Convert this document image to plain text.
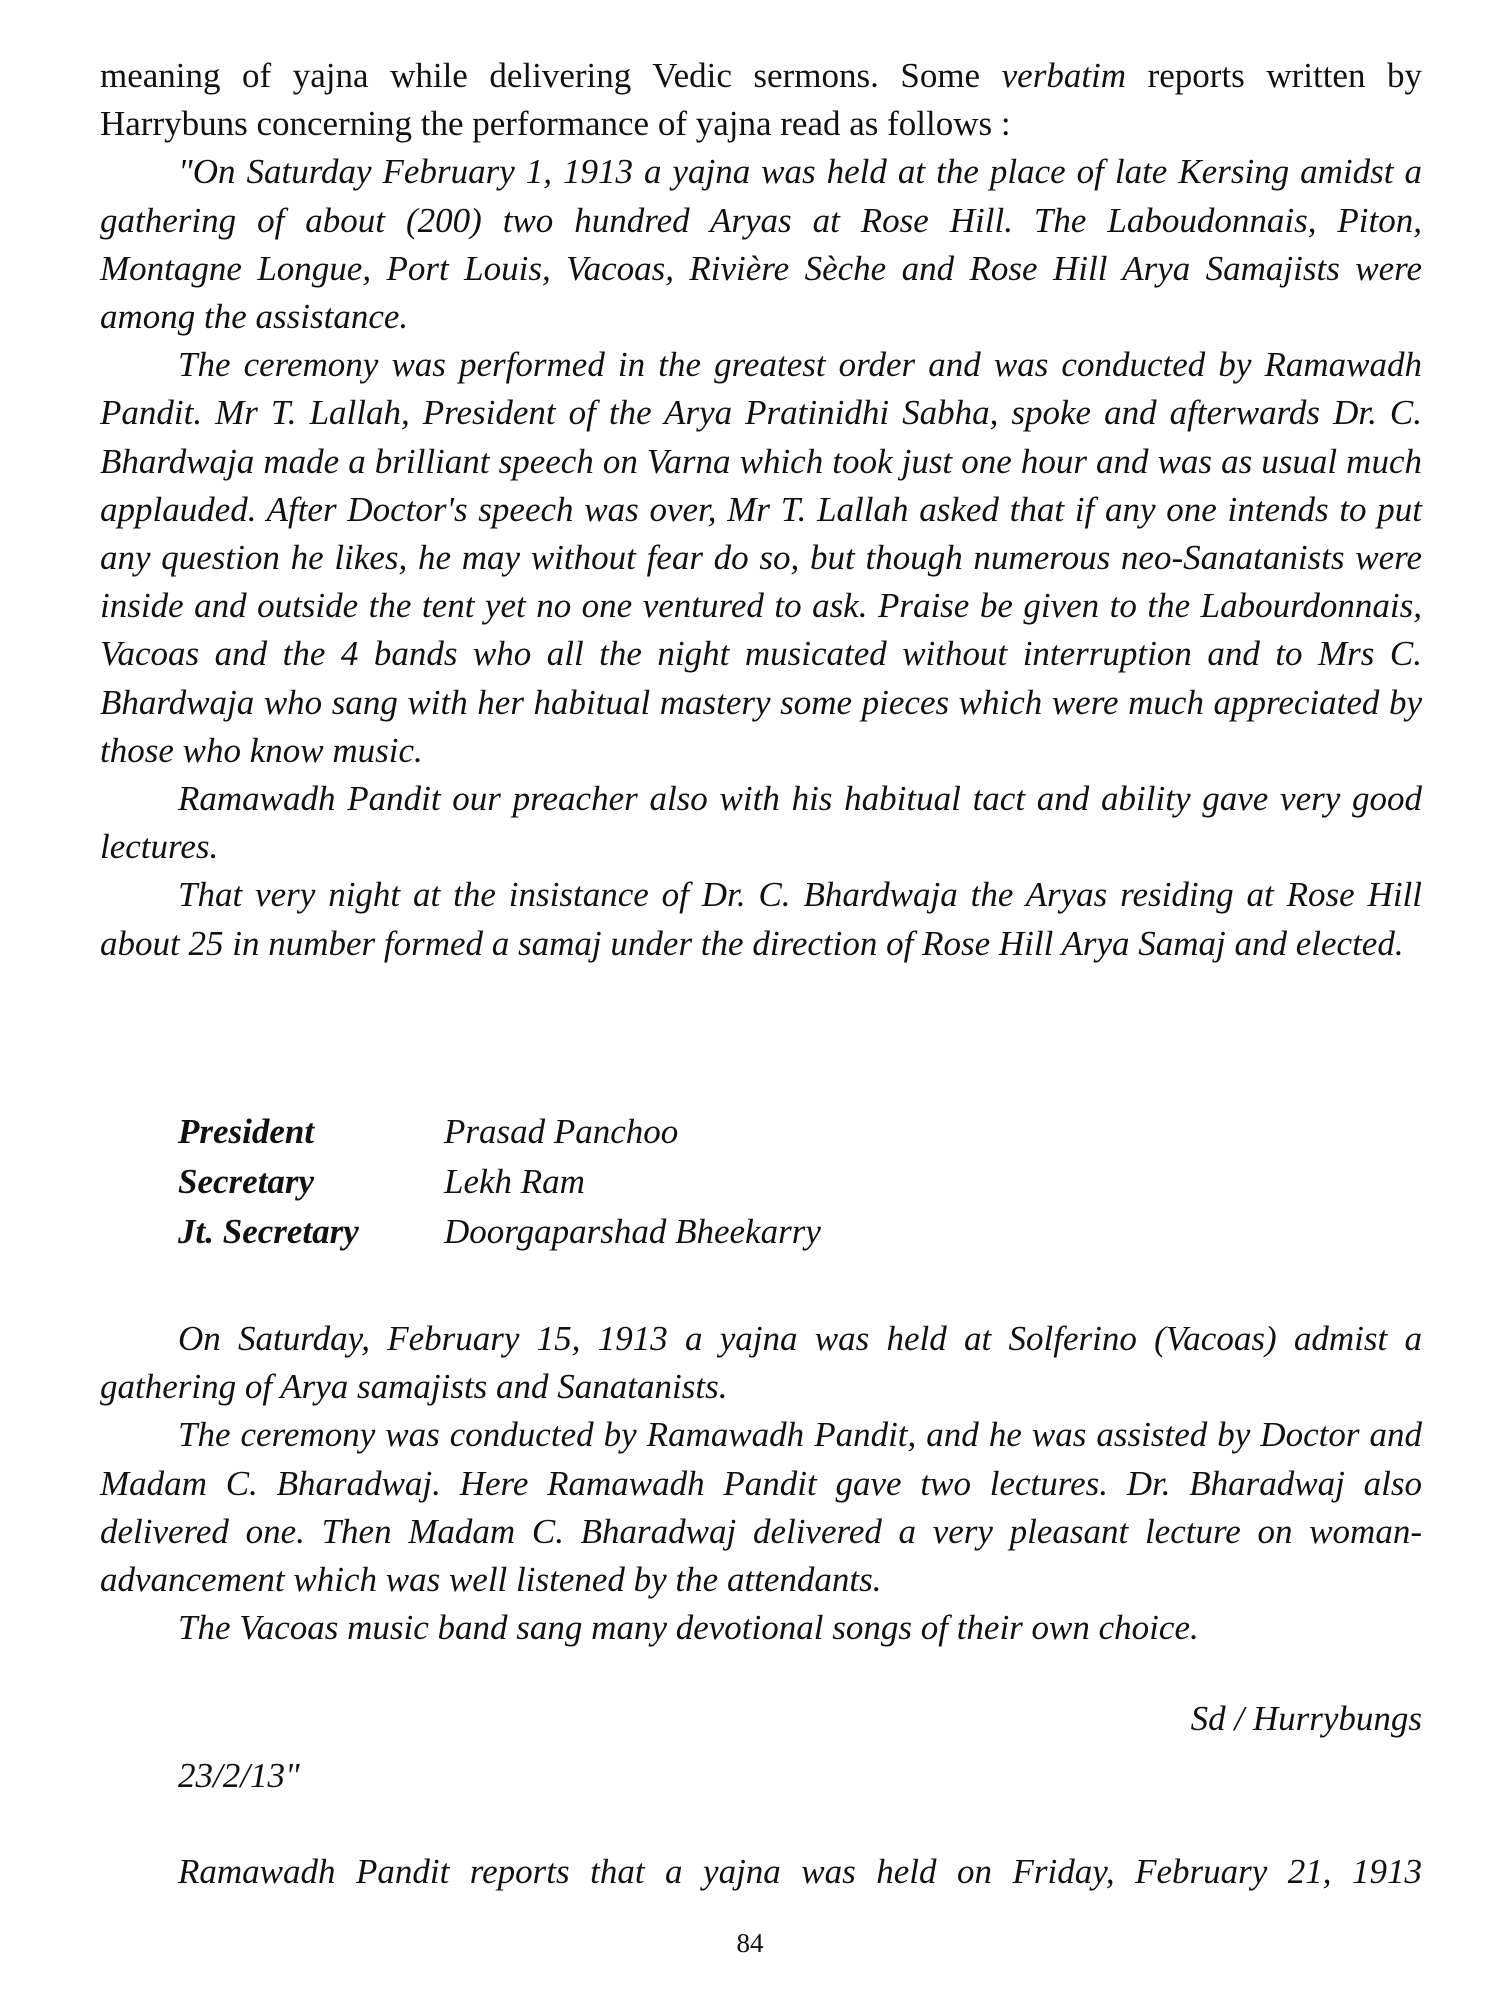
meaning of yajna while delivering Vedic sermons. Some verbatim reports written by Harrybuns concerning the performance of yajna read as follows :

"On Saturday February 1, 1913 a yajna was held at the place of late Kersing amidst a gathering of about (200) two hundred Aryas at Rose Hill. The Laboudonnais, Piton, Montagne Longue, Port Louis, Vacoas, Rivière Sèche and Rose Hill Arya Samajists were among the assistance.

The ceremony was performed in the greatest order and was conducted by Ramawadh Pandit. Mr T. Lallah, President of the Arya Pratinidhi Sabha, spoke and afterwards Dr. C. Bhardwaja made a brilliant speech on Varna which took just one hour and was as usual much applauded. After Doctor's speech was over, Mr T. Lallah asked that if any one intends to put any question he likes, he may without fear do so, but though numerous neo-Sanatanists were inside and outside the tent yet no one ventured to ask. Praise be given to the Labourdonnais, Vacoas and the 4 bands who all the night musicated without interruption and to Mrs C. Bhardwaja who sang with her habitual mastery some pieces which were much appreciated by those who know music.

Ramawadh Pandit our preacher also with his habitual tact and ability gave very good lectures.

That very night at the insistance of Dr. C. Bhardwaja the Aryas residing at Rose Hill about 25 in number formed a samaj under the direction of Rose Hill Arya Samaj and elected.

President	Prasad Panchoo
Secretary	Lekh Ram
Jt. Secretary	Doorgaparshad Bheekarry

On Saturday, February 15, 1913 a yajna was held at Solferino (Vacoas) admist a gathering of Arya samajists and Sanatanists.

The ceremony was conducted by Ramawadh Pandit, and he was assisted by Doctor and Madam C. Bharadwaj. Here Ramawadh Pandit gave two lectures. Dr. Bharadwaj also delivered one. Then Madam C. Bharadwaj delivered a very pleasant lecture on woman-advancement which was well listened by the attendants.

The Vacoas music band sang many devotional songs of their own choice.

Sd / Hurrybungs
23/2/13"
Ramawadh Pandit reports that a yajna was held on Friday, February 21, 1913
84
